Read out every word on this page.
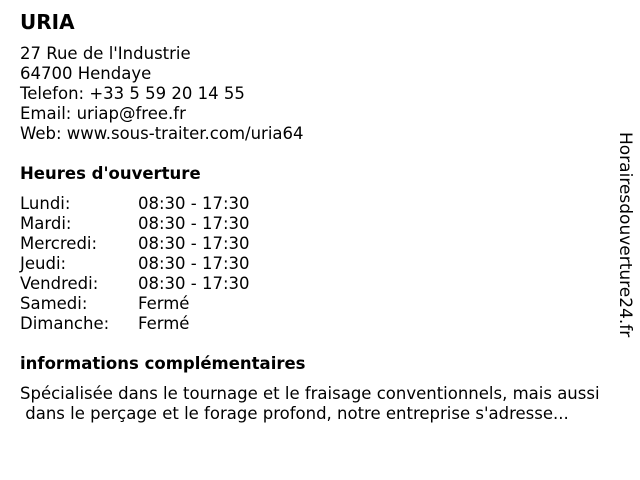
URIA
27 Rue de l'Industrie
64700 Hendaye
Telefon: +33 5 59 20 14 55
Email: uriap@free.fr
Web: www.sous-traiter.com/uria64
Heures d'ouverture
Lundi:	08:30 - 17:30
Mardi:	08:30 - 17:30
Mercredi: 08:30 - 17:30
Jeudi:	08:30 - 17:30
Vendredi: 08:30 - 17:30
Samedi:	Fermé
Dimanche: Fermé
informations complémentaires
Spécialisée dans le tournage et le fraisage conventionnels, mais aussi
dans le perçage et le forage profond, notre entreprise s'adresse...
Horairesdouverture24.fr
